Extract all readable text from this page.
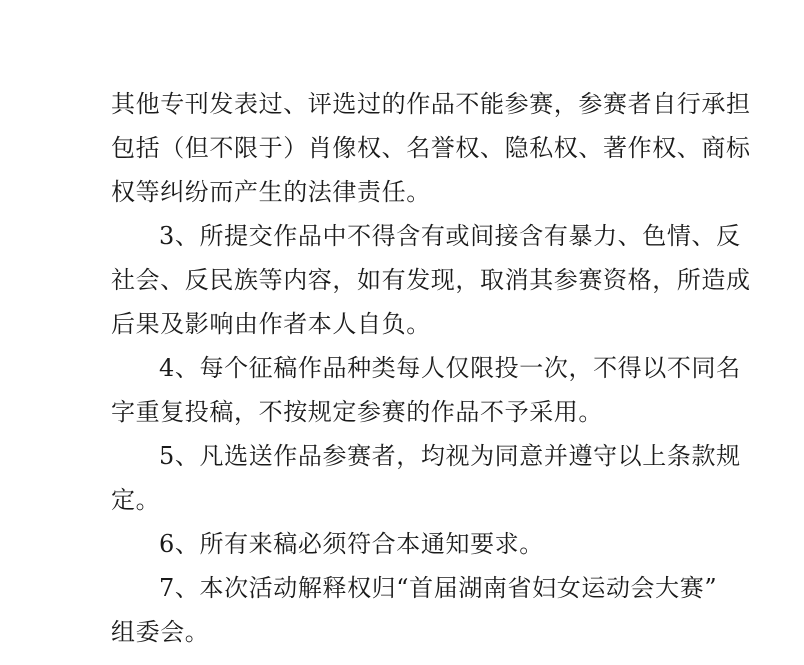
其他专刊发表过、评选过的作品不能参赛，参赛者自行承担
包括（但不限于）肖像权、名誉权、隐私权、著作权、商标
权等纠纷而产生的法律责任。
3、所提交作品中不得含有或间接含有暴力、色情、反
社会、反民族等内容，如有发现，取消其参赛资格，所造成
后果及影响由作者本人自负。
4、每个征稿作品种类每人仅限投一次，不得以不同名
字重复投稿，不按规定参赛的作品不予采用。
5、凡选送作品参赛者，均视为同意并遵守以上条款规
定。
6、所有来稿必须符合本通知要求。
7、本次活动解释权归“首届湖南省妇女运动会大赛”
组委会。
